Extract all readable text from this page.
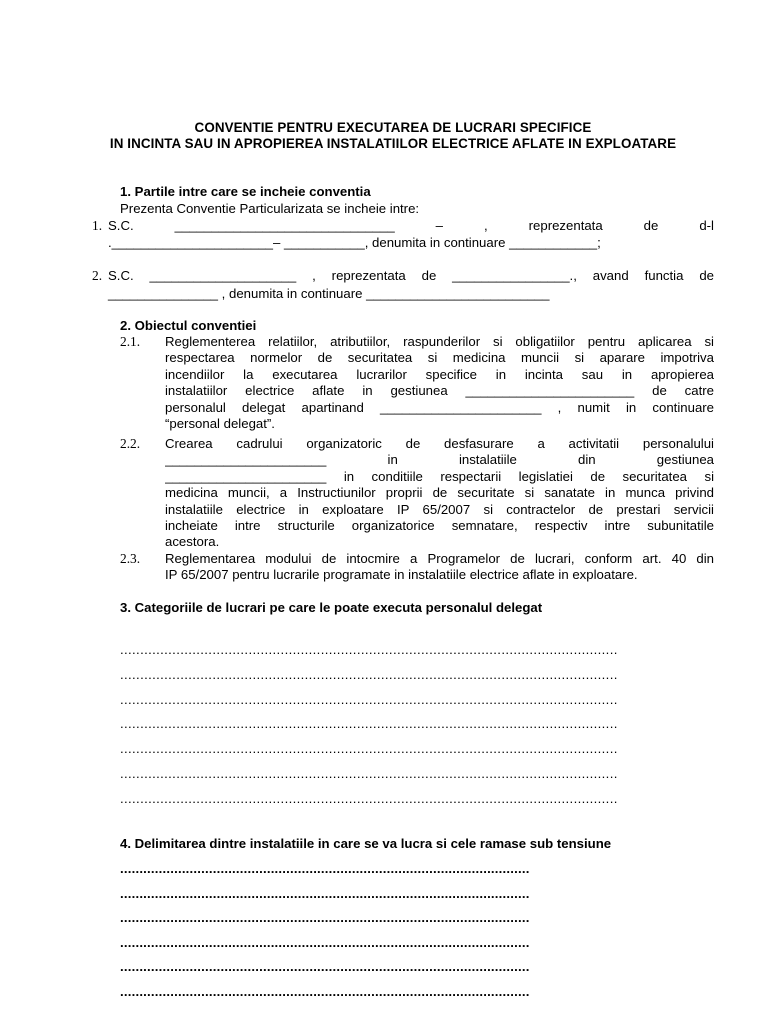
CONVENTIE PENTRU EXECUTAREA DE LUCRARI SPECIFICE
IN INCINTA SAU IN APROPIEREA INSTALATIILOR ELECTRICE AFLATE IN EXPLOATARE
1. Partile intre care se incheie conventia
Prezenta Conventie Particularizata se incheie intre:
1. S.C.	______________________________	–	,	reprezentata	de	d-l
.______________________– ___________, denumita in continuare ____________;
2. S.C. ____________________ , reprezentata de ________________., avand functia de
_______________ , denumita in continuare _________________________
2. Obiectul conventiei
2.1. Reglementerea relatiilor, atributiilor, raspunderilor si obligatiilor pentru aplicarea si
respectarea normelor de securitatea si medicina muncii si aparare impotriva
incendiilor la executarea lucrarilor specifice in incinta sau in apropierea
instalatiilor electrice aflate in gestiunea _______________________ de catre
personalul delegat apartinand ______________________ , numit in continuare
“personal delegat”.
2.2. Crearea cadrului organizatoric de desfasurare a activitatii personalului
______________________ in instalatiile din gestiunea
______________________ in conditiile respectarii legislatiei de securitatea si
medicina muncii, a Instructiunilor proprii de securitate si sanatate in munca privind
instalatiile electrice in exploatare IP 65/2007 si contractelor de prestari servicii
incheiate intre structurile organizatorice semnatare, respectiv intre subunitatile
acestora.
2.3. Reglementarea modului de intocmire a Programelor de lucrari, conform art. 40 din
IP 65/2007 pentru lucrarile programate in instalatiile electrice aflate in exploatare.
3. Categoriile de lucrari pe care le poate executa personalul delegat
............................................................................................................................
............................................................................................................................
............................................................................................................................
............................................................................................................................
............................................................................................................................
............................................................................................................................
............................................................................................................................
4. Delimitarea dintre instalatiile in care se va lucra si cele ramase sub tensiune
..........................................................................................................
..........................................................................................................
..........................................................................................................
..........................................................................................................
..........................................................................................................
..........................................................................................................
